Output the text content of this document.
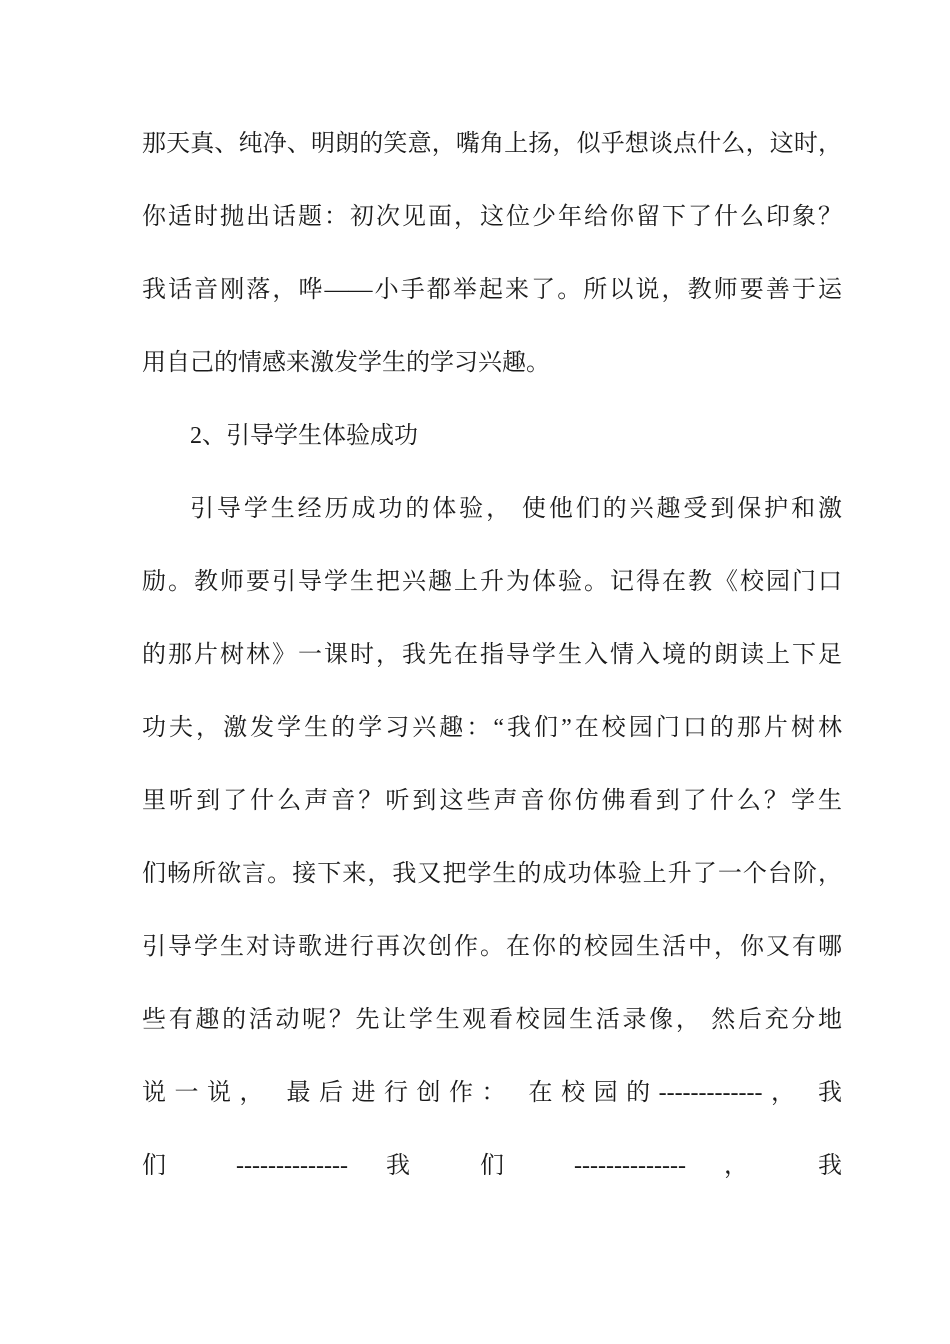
那天真、纯净、明朗的笑意，嘴角上扬，似乎想谈点什么，这时，
你适时抛出话题：初次见面，这位少年给你留下了什么印象？
我话音刚落，哗——小手都举起来了。所以说，教师要善于运
用自己的情感来激发学生的学习兴趣。
2、引导学生体验成功
引导学生经历成功的体验， 使他们的兴趣受到保护和激
励。教师要引导学生把兴趣上升为体验。记得在教《校园门口
的那片树林》一课时，我先在指导学生入情入境的朗读上下足
功夫，激发学生的学习兴趣：“我们”在校园门口的那片树林
里听到了什么声音？听到这些声音你仿佛看到了什么？学生
们畅所欲言。接下来，我又把学生的成功体验上升了一个台阶，
引导学生对诗歌进行再次创作。在你的校园生活中，你又有哪
些有趣的活动呢？先让学生观看校园生活录像， 然后充分地
说一说， 最后进行创作： 在校园的-------------， 我
们 -------------- 我 们 -------------- ， 我
